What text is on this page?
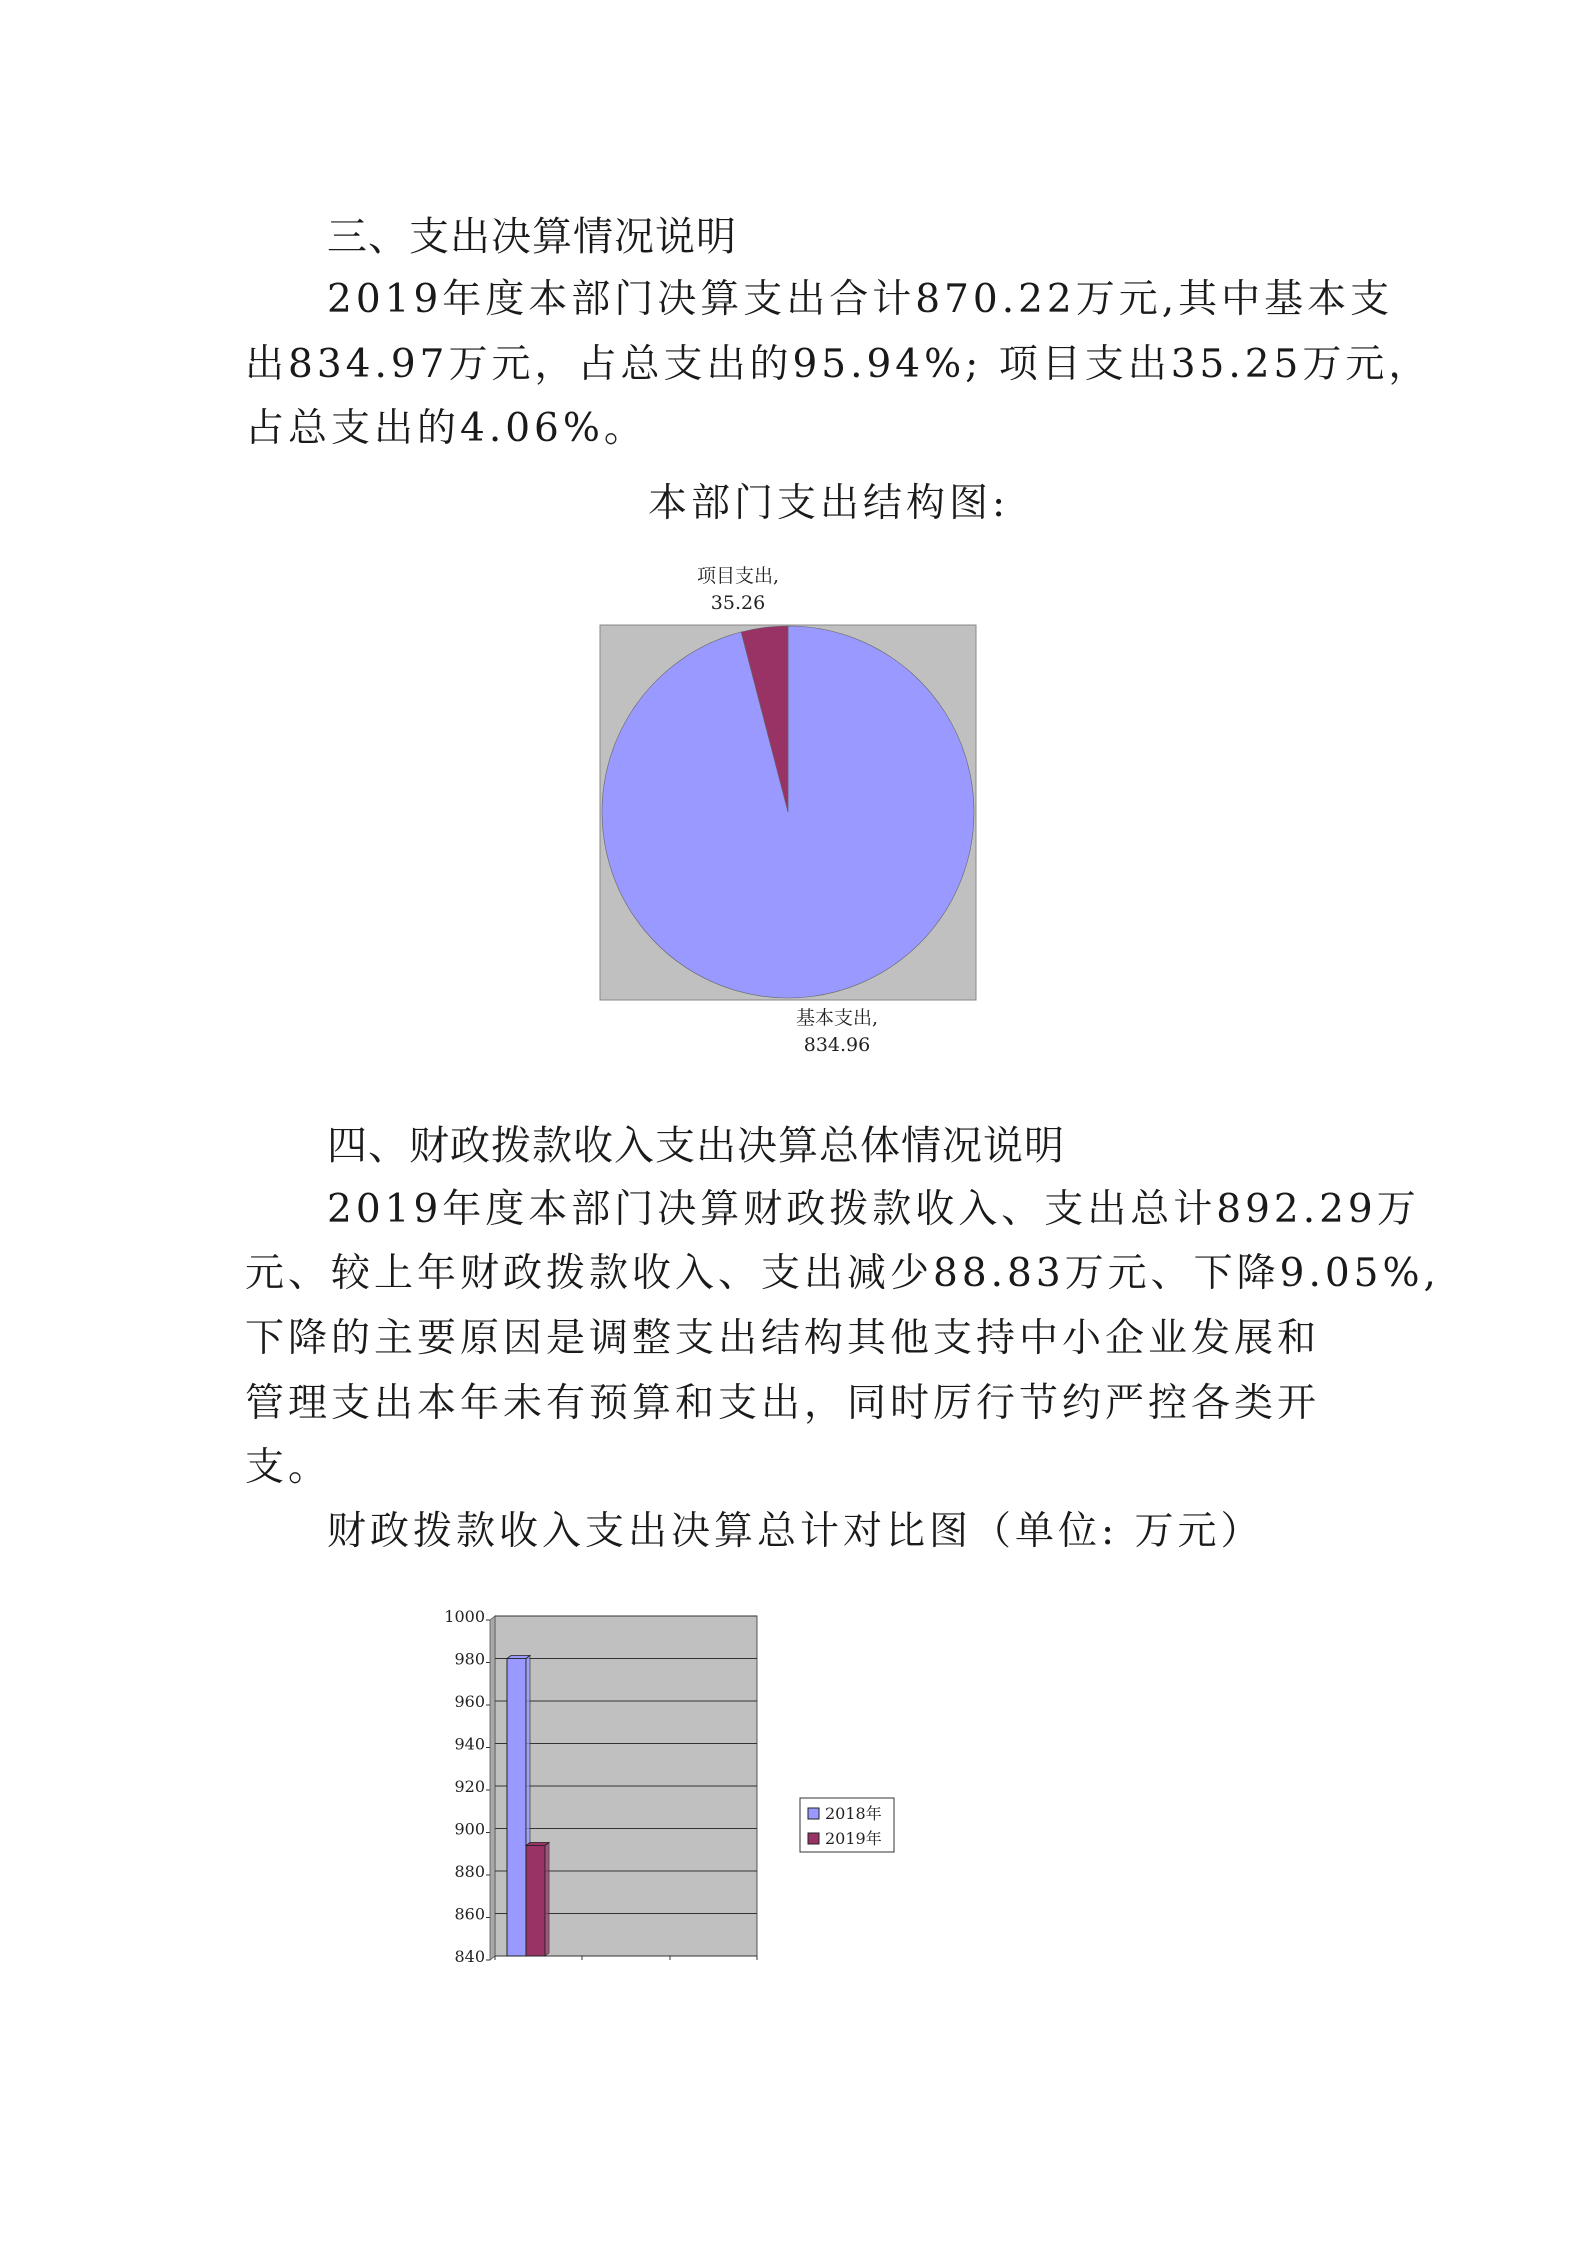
三、支出决算情况说明
2019年度本部门决算支出合计870.22万元,其中基本支
出834.97万元，占总支出的95.94%; 项目支出35.25万元，
占总支出的4.06%。
本部门支出结构图:
项目支出,
35.26
基本支出,
834.96
四、财政拨款收入支出决算总体情况说明
2019年度本部门决算财政拨款收入、支出总计892.29万
元、较上年财政拨款收入、支出减少88.83万元、下降9.05%,
下降的主要原因是调整支出结构其他支持中小企业发展和
管理支出本年未有预算和支出，同时厉行节约严控各类开
支。
财政拨款收入支出决算总计对比图（单位: 万元）
840
860
880
900
920
940
960
980
1000
2018年
2019年
